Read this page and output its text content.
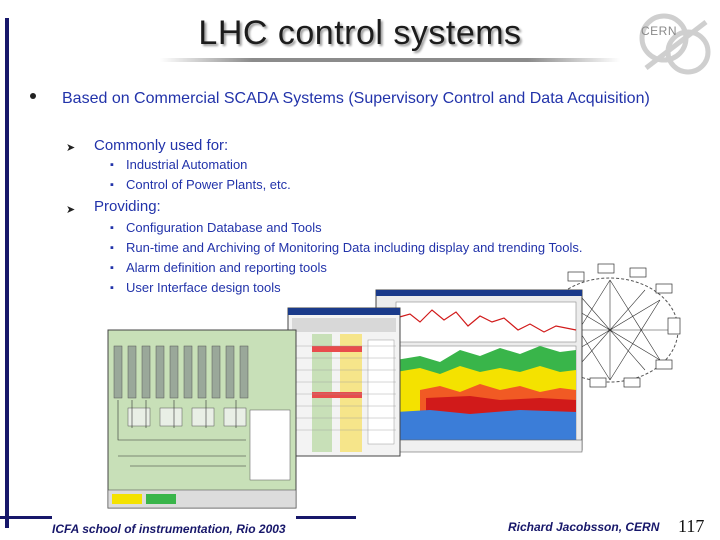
LHC control systems	CERN
Based on Commercial SCADA Systems (Supervisory Control and Data Acquisition)
➤ Commonly used for:
▪ Industrial Automation
▪ Control of Power Plants, etc.
➤ Providing:
▪ Configuration Database and Tools
▪ Run-time and Archiving of Monitoring Data including display and trending Tools.
▪ Alarm definition and reporting tools
▪ User Interface design tools
ICFA school of instrumentation, Rio 2003	Richard Jacobsson, CERN 117
